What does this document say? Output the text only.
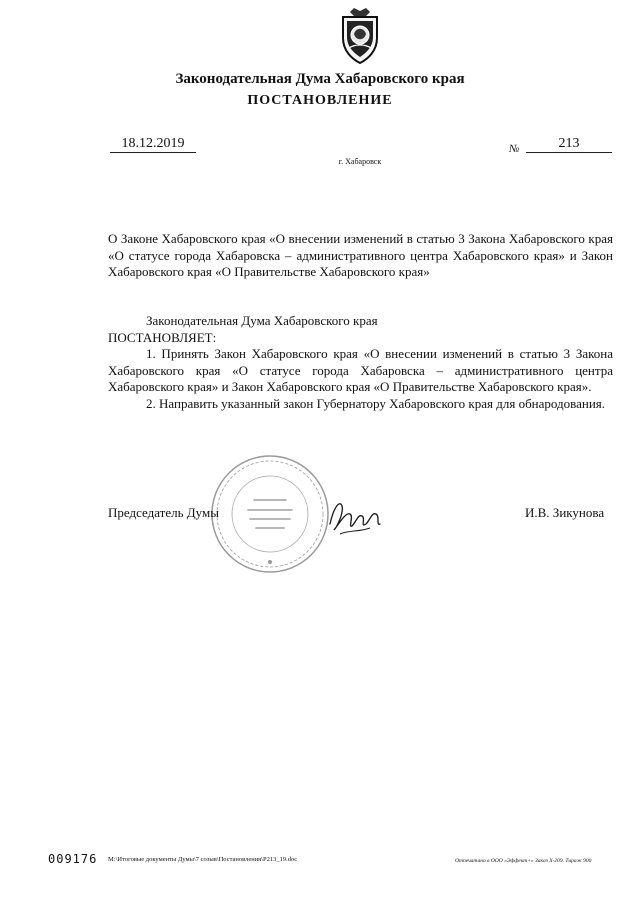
Законодательная Дума Хабаровского края
ПОСТАНОВЛЕНИЕ
18.12.2019	№	213
г. Хабаровск
О Законе Хабаровского края «О внесении изменений в статью 3 Закона Хабаровского края «О статусе города Хабаровска – административного центра Хабаровского края» и Закон Хабаровского края «О Правительстве Хабаровского края»

Законодательная Дума Хабаровского края

ПОСТАНОВЛЯЕТ:

1. Принять Закон Хабаровского края «О внесении изменений в статью 3 Закона Хабаровского края «О статусе города Хабаровска – административного центра Хабаровского края» и Закон Хабаровского края «О Правительстве Хабаровского края».

2. Направить указанный закон Губернатору Хабаровского края для обнародования.

Председатель Думы	И.В. Зикунова
009176 M:\Итоговые документы Думы\7 созыв\Постановления\P213_19.doc	Отпечатано в ООО «Эффект+» Заказ Х-209. Тираж 900
